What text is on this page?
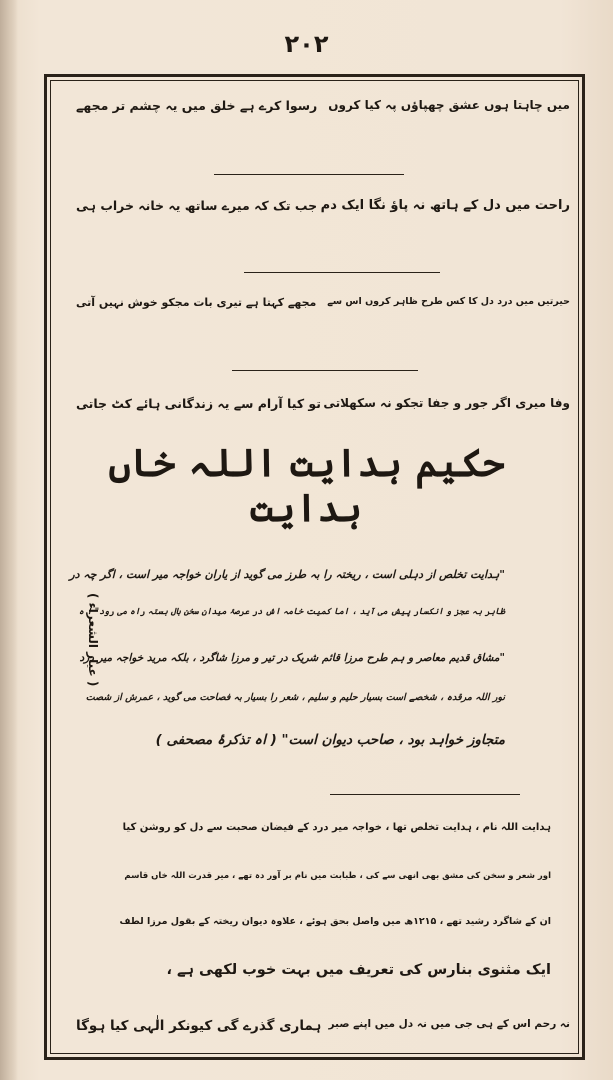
۲۰۲
میں چاہتا ہوں عشق چھپاؤں پہ کیا کروں
رسوا کرے ہے خلق میں یہ چشم تر مجھے
راحت میں دل کے ہاتھ نہ پاؤ نگا ایک دم
جب تک کہ میرے ساتھ یہ خانہ خراب ہی
حیرتیں میں درد دل کا کس طرح ظاہر کروں اس سے
مجھے کہتا ہے تیری بات مجکو خوش نہیں آتی
وفا میری اگر جور و جفا تجکو نہ سکھلاتی
تو کیا آرام سے یہ زندگانی ہائے کٹ جاتی
حکیم ہدایت اللہ خاں ہدایت
"ہدایت تخلص از دہلی است ، ریختہ را بہ طرز می گوید از یاران خواجہ میر است ، اگر چہ در
ظاہر بہ عجز و انکسار پیش می آید ، اما کمیت خامہ اش در عرصۂ میدان سخن بال بستہ راہ می رود" ا ہ
"مشاق قدیم معاصر و ہم طرح مرزا قائم شریک در تیر و مرزا شاگرد ، بلکہ مرید خواجہ میر درد
نور اللہ مرقدہ ، شخصے است بسیار حلیم و سلیم ، شعر را بسیار بہ فصاحت می گوید ، عمرش از شصت
متجاوز خواہد بود ، صاحب دیوان است" ( اہ تذکرۂ مصحفی )
( عیار الشعراء )
ہدایت اللہ نام ، ہدایت تخلص تھا ، خواجہ میر درد کے فیضان صحبت سے دل کو روشن کیا
اور شعر و سخن کی مشق بھی انھی سے کی ، طبابت میں نام بر آور دہ تھے ، میر قدرت اللہ خاں قاسم
ان کے شاگرد رشید تھے ، ۱۲۱۵ھ میں واصل بحق ہوئے ، علاوہ دیوان ریختہ کے بقول مرزا لطف
ایک مثنوی بنارس کی تعریف میں بہت خوب لکھی ہے ،
نہ رحم اس کے ہی جی میں نہ دل میں اپنے صبر
ہماری گذرے گی کیونکر الٰہی کیا ہوگا
